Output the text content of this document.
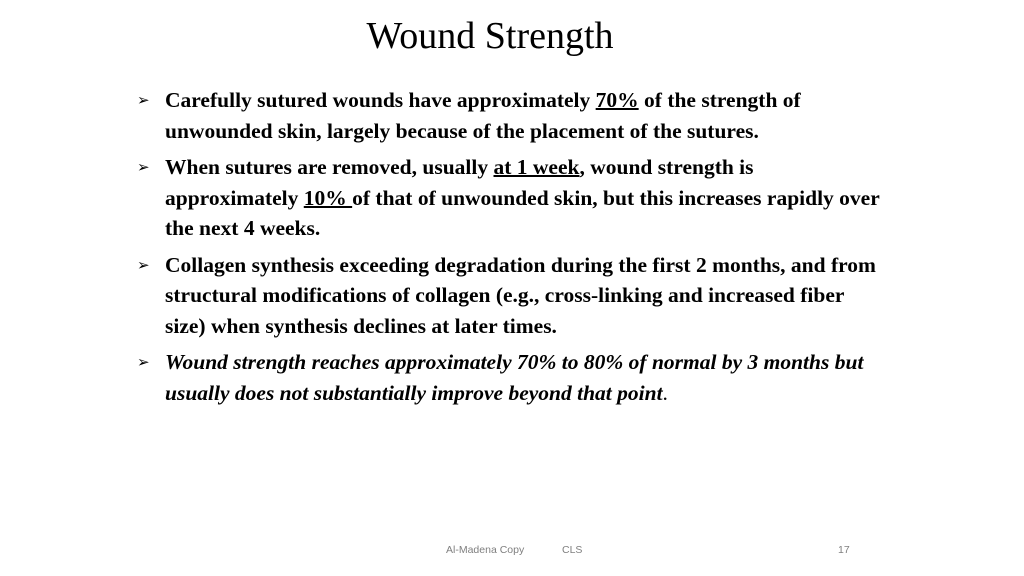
Wound Strength
➢ Carefully sutured wounds have approximately 70% of the strength of unwounded skin, largely because of the placement of the sutures.
➢ When sutures are removed, usually at 1 week, wound strength is approximately 10% of that of unwounded skin, but this increases rapidly over the next 4 weeks.
➢ Collagen synthesis exceeding degradation during the first 2 months, and from structural modifications of collagen (e.g., cross-linking and increased fiber size) when synthesis declines at later times.
➢ Wound strength reaches approximately 70% to 80% of normal by 3 months but usually does not substantially improve beyond that point.
Al-Madena Copy	CLS	17
